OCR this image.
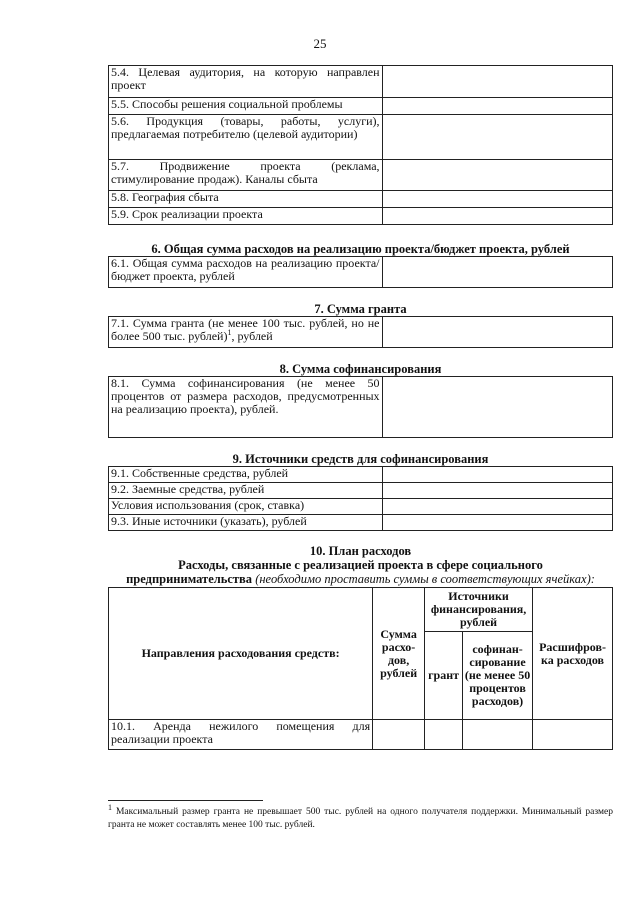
25
5.4. Целевая аудитория, на которую направлен проект	
5.5. Способы решения социальной проблемы	
5.6. Продукция (товары, работы, услуги), предлагаемая потребителю (целевой аудитории)	
5.7. Продвижение проекта (реклама, стимулирование продаж). Каналы сбыта	
5.8. География сбыта	
5.9. Срок реализации проекта	
6. Общая сумма расходов на реализацию проекта/бюджет проекта, рублей
6.1. Общая сумма расходов на реализацию проекта/бюджет проекта, рублей	
7. Сумма гранта
7.1. Сумма гранта (не менее 100 тыс. рублей, но не более 500 тыс. рублей)$^1$, рублей	
8. Сумма софинансирования
8.1. Сумма софинансирования (не менее 50 процентов от размера расходов, предусмотренных на реализацию проекта), рублей.	
9. Источники средств для софинансирования
9.1. Собственные средства, рублей	
9.2. Заемные средства, рублей	
Условия использования (срок, ставка)	
9.3. Иные источники (указать), рублей	
10. План расходов
Расходы, связанные с реализацией проекта в сфере социального
предпринимательства (необходимо проставить суммы в соответствующих ячейках):
Направления расходования средств:	Сумма расхо-дов, рублей	Источники финансирования, рублей		Расшифров-ка расходов
		грант	софинан-сирование (не менее 50 процентов расходов)	
10.1. Аренда нежилого помещения для реализации проекта				
$^1$ Максимальный размер гранта не превышает 500 тыс. рублей на одного получателя поддержки. Минимальный размер гранта не может составлять менее 100 тыс. рублей.
